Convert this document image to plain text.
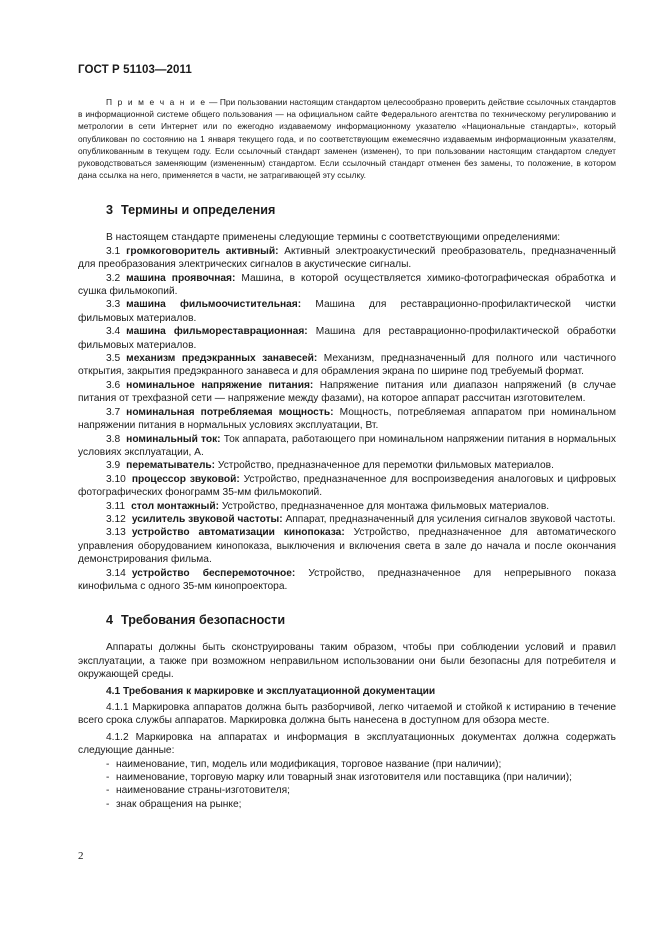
ГОСТ Р 51103—2011

П р и м е ч а н и е — При пользовании настоящим стандартом целесообразно проверить действие ссылочных стандартов в информационной системе общего пользования — на официальном сайте Федерального агентства по техническому регулированию и метрологии в сети Интернет или по ежегодно издаваемому информационному указателю «Национальные стандарты», который опубликован по состоянию на 1 января текущего года, и по соответствующим ежемесячно издаваемым информационным указателям, опубликованным в текущем году. Если ссылочный стандарт заменен (изменен), то при пользовании настоящим стандартом следует руководствоваться заменяющим (измененным) стандартом. Если ссылочный стандарт отменен без замены, то положение, в котором дана ссылка на него, применяется в части, не затрагивающей эту ссылку.

3 Термины и определения

В настоящем стандарте применены следующие термины с соответствующими определениями:

3.1 громкоговоритель активный: Активный электроакустический преобразователь, предназначенный для преобразования электрических сигналов в акустические сигналы.

3.2 машина проявочная: Машина, в которой осуществляется химико-фотографическая обработка и сушка фильмокопий.

3.3 машина фильмоочистительная: Машина для реставрационно-профилактической чистки фильмовых материалов.

3.4 машина фильмореставрационная: Машина для реставрационно-профилактической обработки фильмовых материалов.

3.5 механизм предэкранных занавесей: Механизм, предназначенный для полного или частичного открытия, закрытия предэкранного занавеса и для обрамления экрана по ширине под требуемый формат.

3.6 номинальное напряжение питания: Напряжение питания или диапазон напряжений (в случае питания от трехфазной сети — напряжение между фазами), на которое аппарат рассчитан изготовителем.

3.7 номинальная потребляемая мощность: Мощность, потребляемая аппаратом при номинальном напряжении питания в нормальных условиях эксплуатации, Вт.

3.8 номинальный ток: Ток аппарата, работающего при номинальном напряжении питания в нормальных условиях эксплуатации, А.

3.9 перематыватель: Устройство, предназначенное для перемотки фильмовых материалов.

3.10 процессор звуковой: Устройство, предназначенное для воспроизведения аналоговых и цифровых фотографических фонограмм 35-мм фильмокопий.

3.11 стол монтажный: Устройство, предназначенное для монтажа фильмовых материалов.

3.12 усилитель звуковой частоты: Аппарат, предназначенный для усиления сигналов звуковой частоты.

3.13 устройство автоматизации кинопоказа: Устройство, предназначенное для автоматического управления оборудованием кинопоказа, выключения и включения света в зале до начала и после окончания демонстрирования фильма.

3.14 устройство бесперемоточное: Устройство, предназначенное для непрерывного показа кинофильма с одного 35-мм кинопроектора.

4 Требования безопасности

Аппараты должны быть сконструированы таким образом, чтобы при соблюдении условий и правил эксплуатации, а также при возможном неправильном использовании они были безопасны для потребителя и окружающей среды.

4.1 Требования к маркировке и эксплуатационной документации

4.1.1 Маркировка аппаратов должна быть разборчивой, легко читаемой и стойкой к истиранию в течение всего срока службы аппаратов. Маркировка должна быть нанесена в доступном для обзора месте.

4.1.2 Маркировка на аппаратах и информация в эксплуатационных документах должна содержать следующие данные:

- наименование, тип, модель или модификация, торговое название (при наличии);

- наименование, торговую марку или товарный знак изготовителя или поставщика (при наличии);

- наименование страны-изготовителя;

- знак обращения на рынке;

2
